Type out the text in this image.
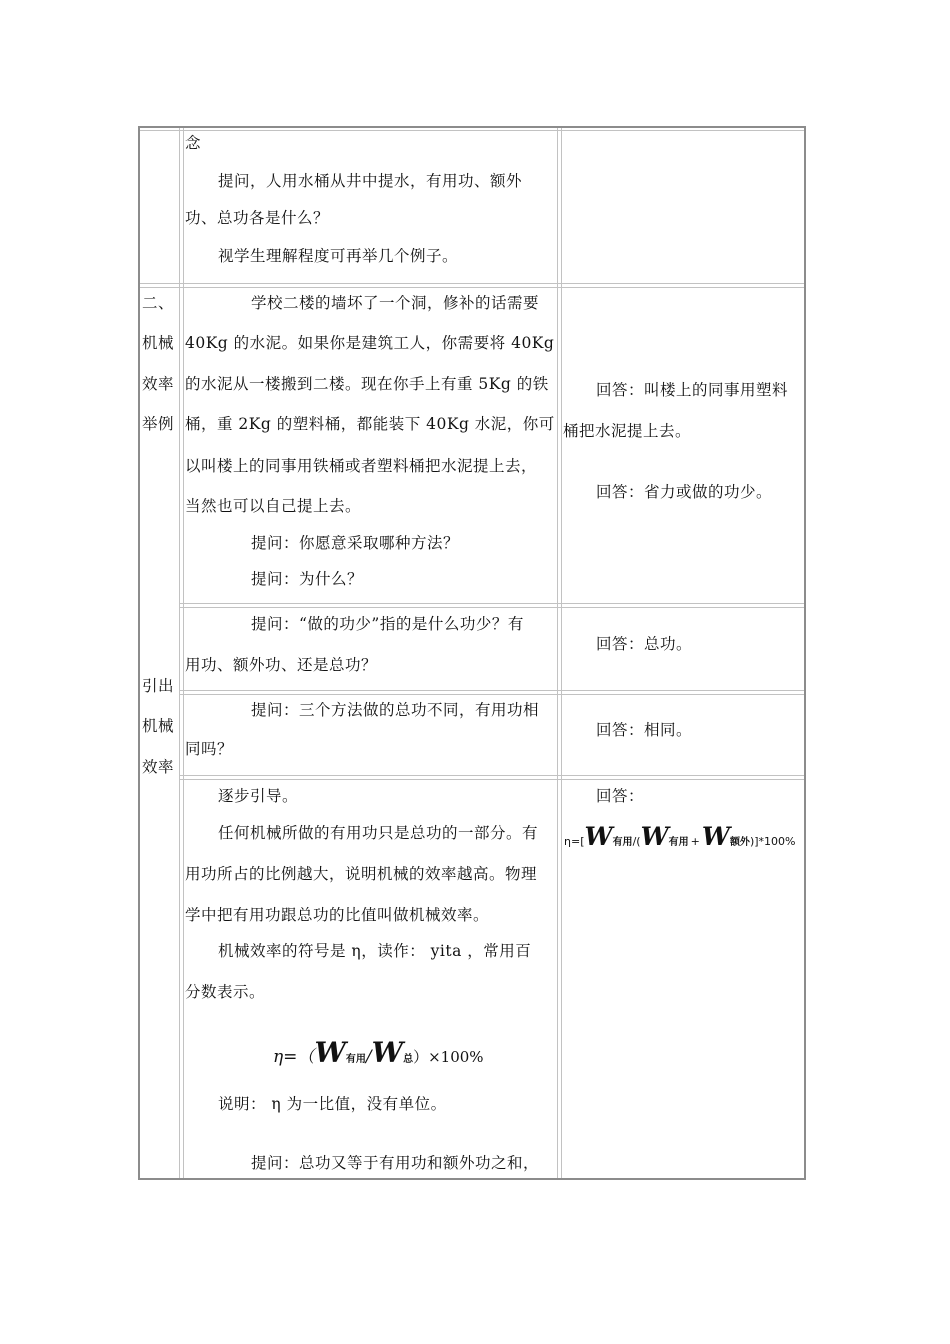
念
提问，人用水桶从井中提水，有用功、额外
功、总功各是什么？
视学生理解程度可再举几个例子。
二、
机械
效率
举例
学校二楼的墙坏了一个洞，修补的话需要
40Kg 的水泥。如果你是建筑工人，你需要将 40Kg
的水泥从一楼搬到二楼。现在你手上有重 5Kg 的铁
桶，重 2Kg 的塑料桶，都能装下 40Kg 水泥，你可
以叫楼上的同事用铁桶或者塑料桶把水泥提上去，
当然也可以自己提上去。
提问：你愿意采取哪种方法？
提问：为什么？
回答：叫楼上的同事用塑料
桶把水泥提上去。
回答：省力或做的功少。
引出
机械
效率
提问：“做的功少”指的是什么功少？有
用功、额外功、还是总功？
回答：总功。
提问：三个方法做的总功不同，有用功相
同吗？
回答：相同。
逐步引导。
任何机械所做的有用功只是总功的一部分。有
用功所占的比例越大，说明机械的效率越高。物理
学中把有用功跟总功的比值叫做机械效率。
机械效率的符号是 η，读作： yita ，常用百
分数表示。
η=（W有用/W总）×100%
说明： η 为一比值，没有单位。
提问：总功又等于有用功和额外功之和，
回答：
η=[W有用/(W有用 +W额外)]*100%
